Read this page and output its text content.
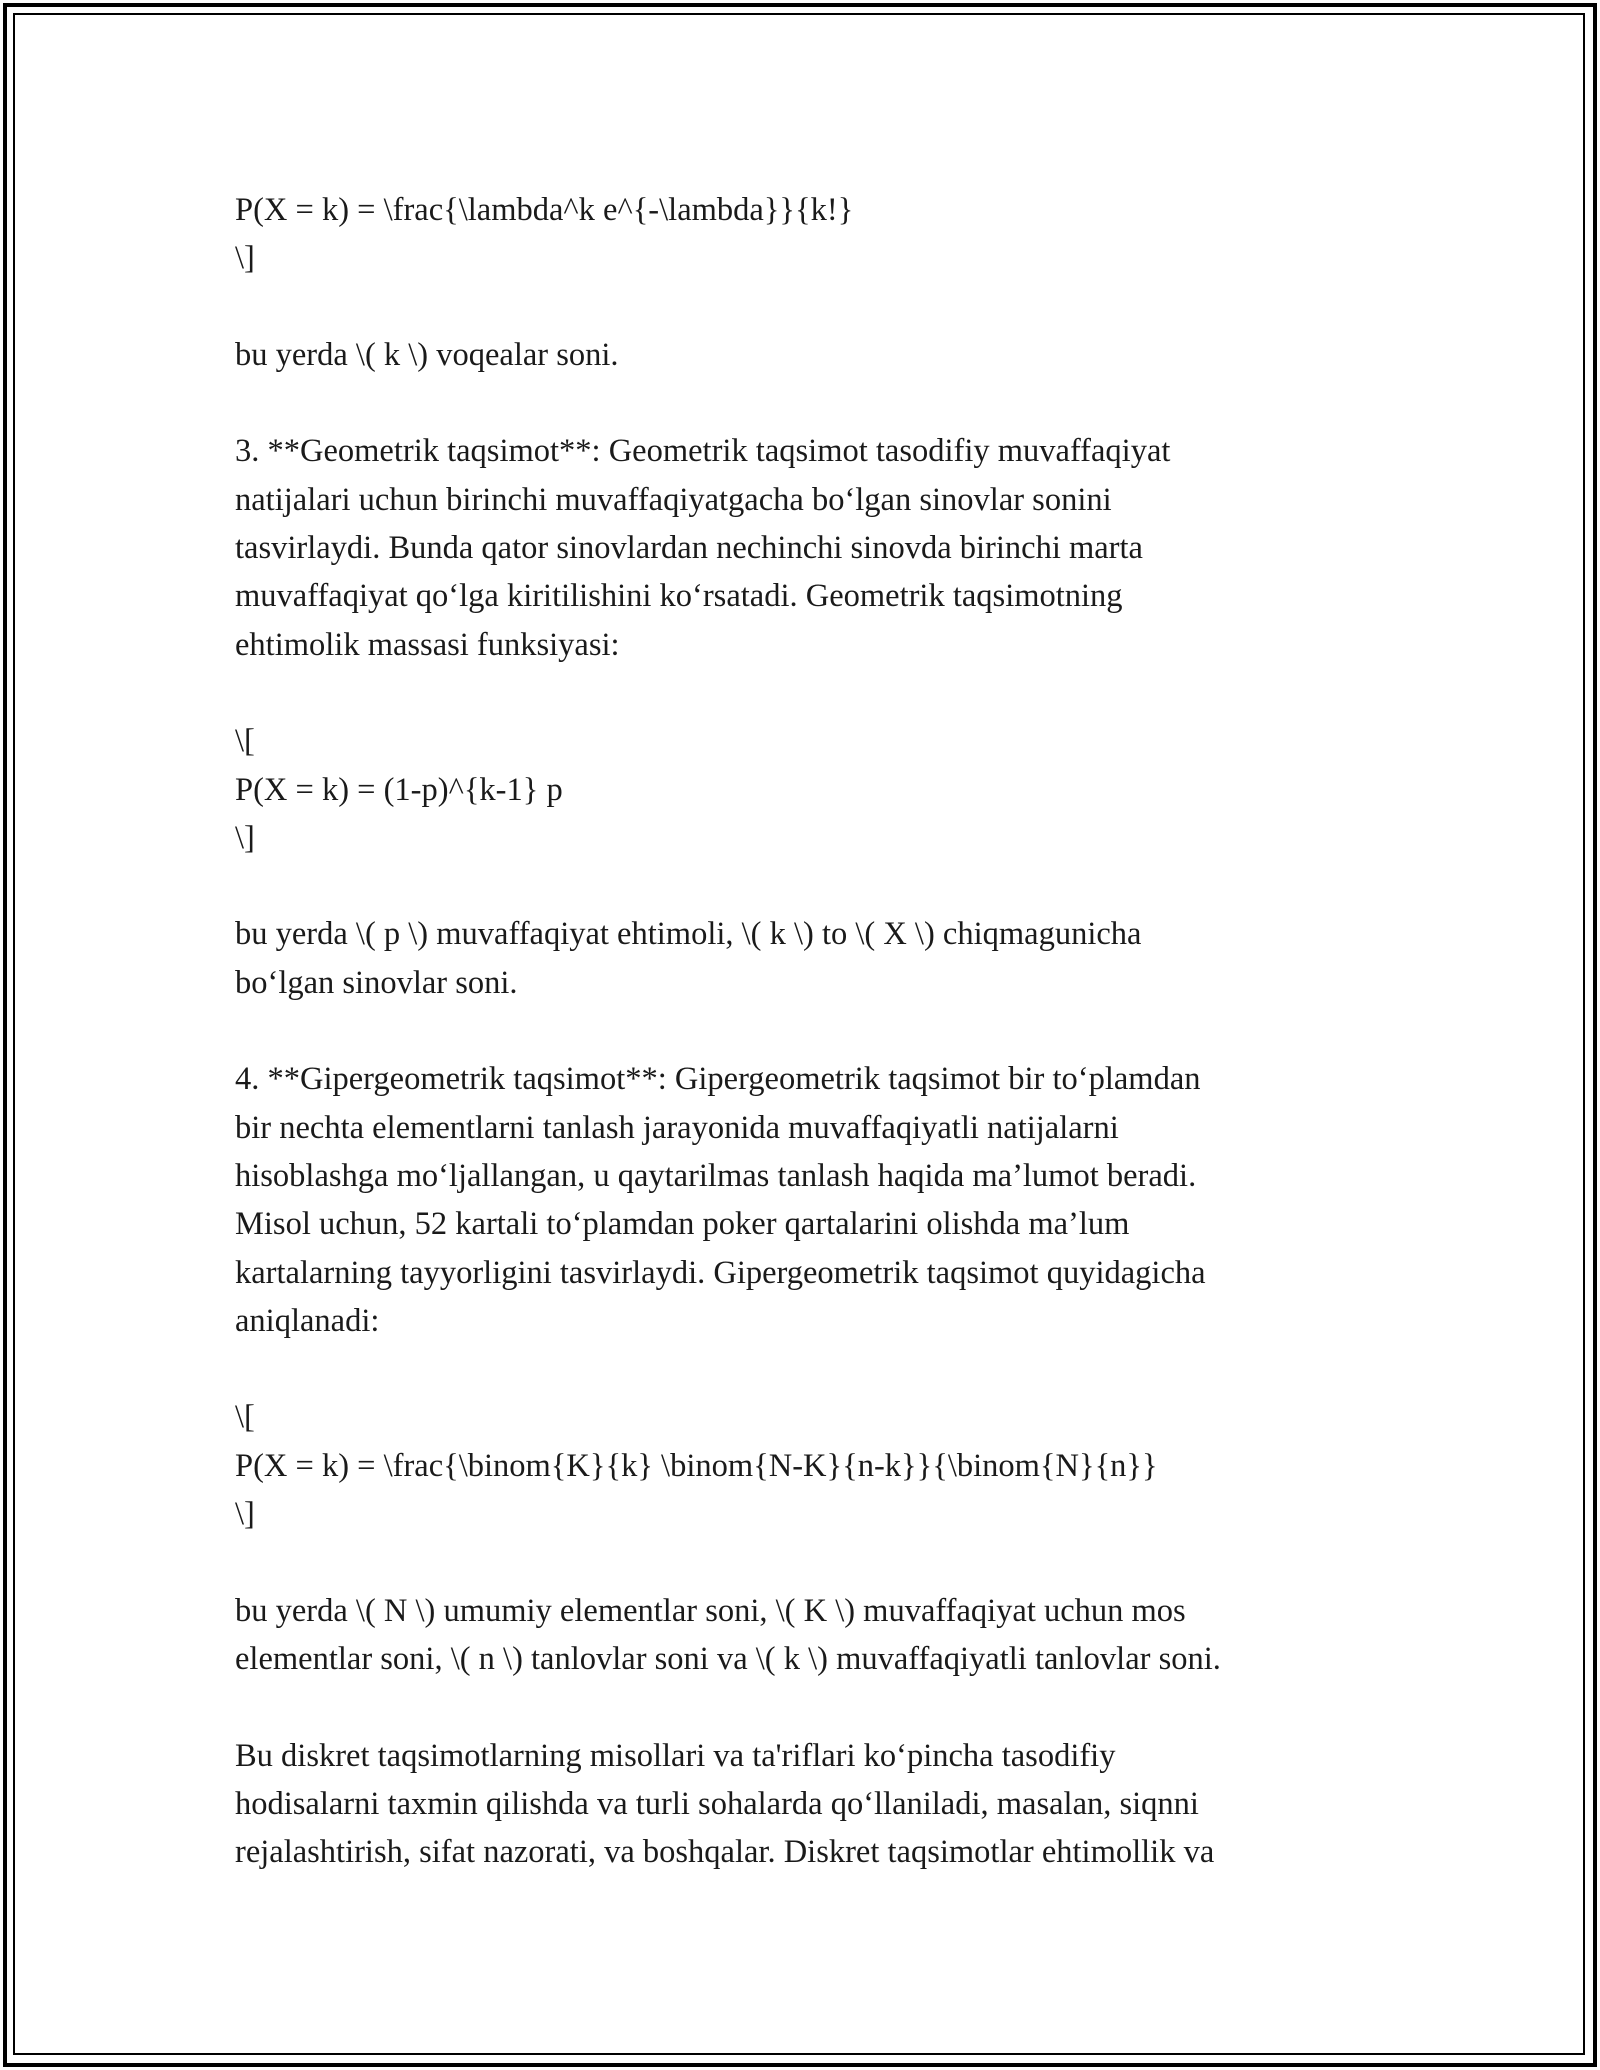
P(X = k) = \frac{\lambda^k e^{-\lambda}}{k!}
\]
bu yerda \( k \) voqealar soni.
3. **Geometrik taqsimot**: Geometrik taqsimot tasodifiy muvaffaqiyat
natijalari uchun birinchi muvaffaqiyatgacha bo‘lgan sinovlar sonini
tasvirlaydi. Bunda qator sinovlardan nechinchi sinovda birinchi marta
muvaffaqiyat qo‘lga kiritilishini ko‘rsatadi. Geometrik taqsimotning
ehtimolik massasi funksiyasi:
\[
P(X = k) = (1-p)^{k-1} p
\]
bu yerda \( p \) muvaffaqiyat ehtimoli, \( k \) to \( X \) chiqmagunicha
bo‘lgan sinovlar soni.
4. **Gipergeometrik taqsimot**: Gipergeometrik taqsimot bir to‘plamdan
bir nechta elementlarni tanlash jarayonida muvaffaqiyatli natijalarni
hisoblashga mo‘ljallangan, u qaytarilmas tanlash haqida ma’lumot beradi.
Misol uchun, 52 kartali to‘plamdan poker qartalarini olishda ma’lum
kartalarning tayyorligini tasvirlaydi. Gipergeometrik taqsimot quyidagicha
aniqlanadi:
\[
P(X = k) = \frac{\binom{K}{k} \binom{N-K}{n-k}}{\binom{N}{n}}
\]
bu yerda \( N \) umumiy elementlar soni, \( K \) muvaffaqiyat uchun mos
elementlar soni, \( n \) tanlovlar soni va \( k \) muvaffaqiyatli tanlovlar soni.
Bu diskret taqsimotlarning misollari va ta'riflari ko‘pincha tasodifiy
hodisalarni taxmin qilishda va turli sohalarda qo‘llaniladi, masalan, siqnni
rejalashtirish, sifat nazorati, va boshqalar. Diskret taqsimotlar ehtimollik va
